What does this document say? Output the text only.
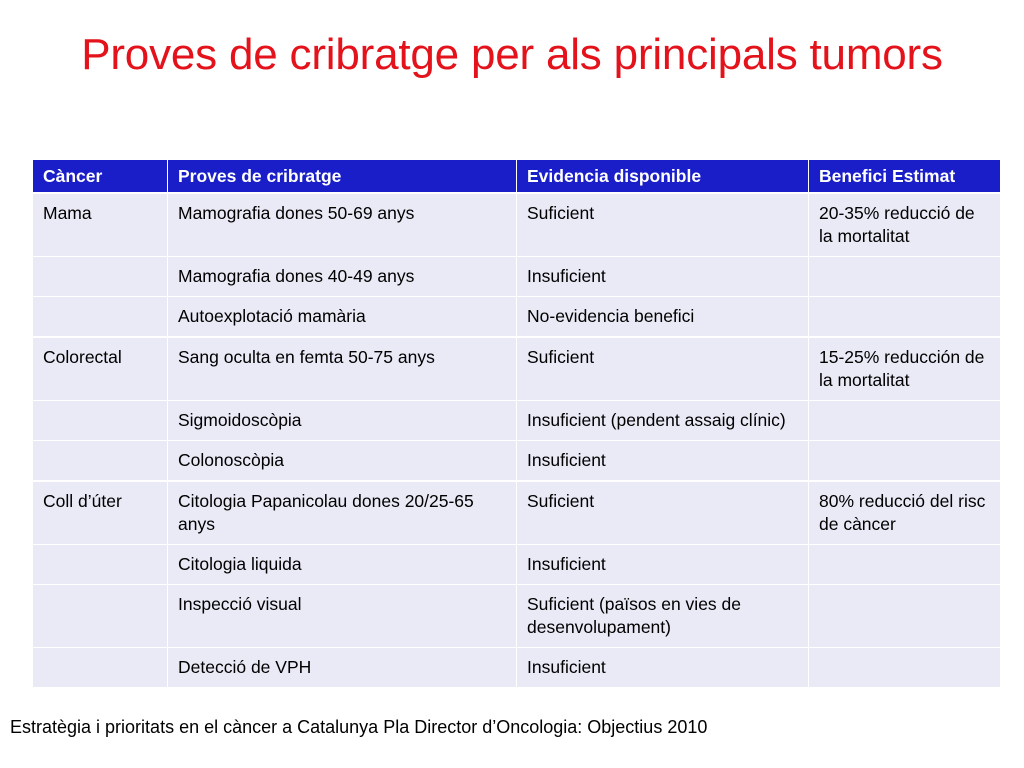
Proves de cribratge per als principals tumors
Càncer	Proves de cribratge	Evidencia disponible	Benefici Estimat
Mama	Mamografia dones 50-69 anys	Suficient	20-35% reducció de la mortalitat
	Mamografia dones 40-49 anys	Insuficient	
	Autoexplotació mamària	No-evidencia benefici	
Colorectal	Sang oculta en femta 50-75 anys	Suficient	15-25% reducción de la mortalitat
	Sigmoidoscòpia	Insuficient (pendent assaig clínic)	
	Colonoscòpia	Insuficient	
Coll d’úter	Citologia Papanicolau dones 20/25-65 anys	Suficient	80% reducció del risc de càncer
	Citologia liquida	Insuficient	
	Inspecció visual	Suficient (països en vies de desenvolupament)	
	Detecció de VPH	Insuficient	
Estratègia i prioritats en el càncer a Catalunya Pla Director d’Oncologia: Objectius 2010
